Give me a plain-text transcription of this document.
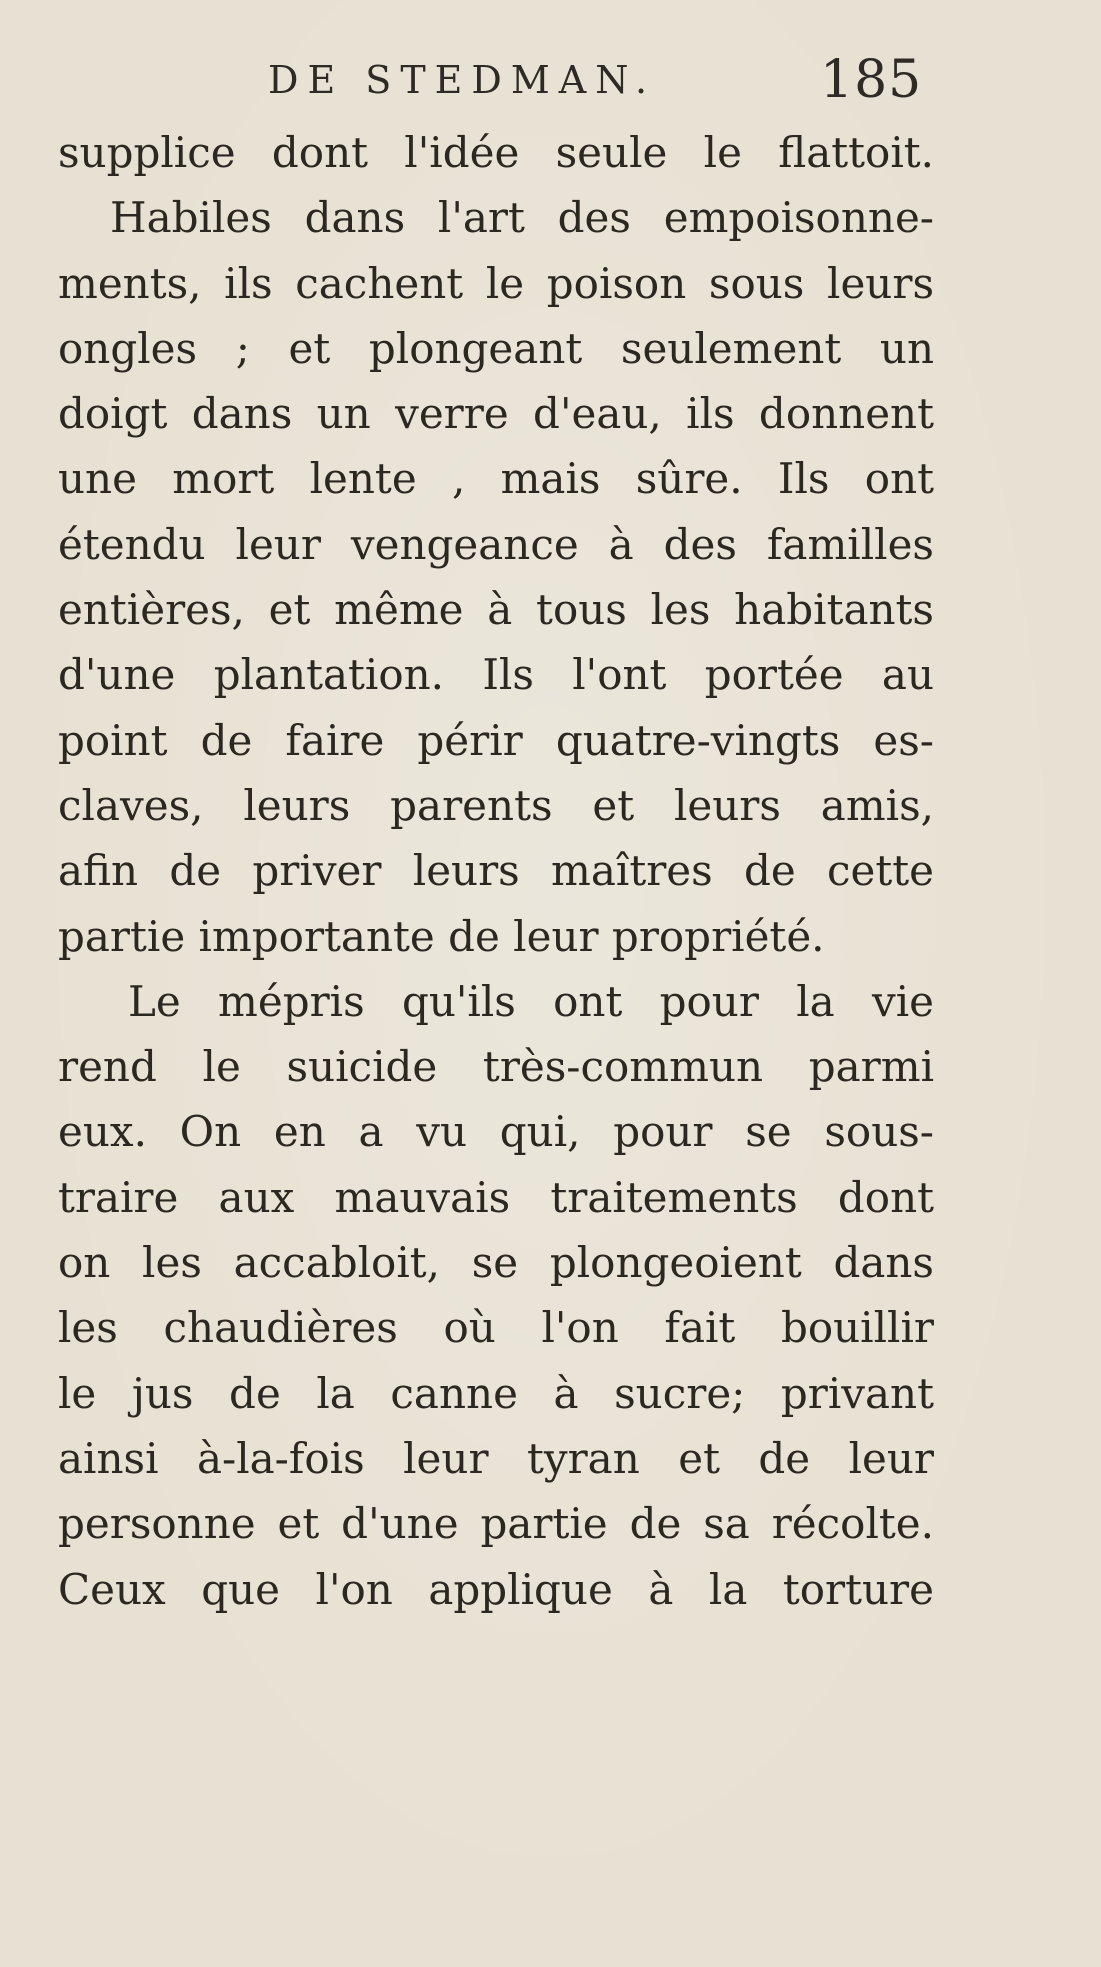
DE STEDMAN.	185
supplice dont l'idée seule le flattoit.
Habiles dans l'art des empoisonne-
ments, ils cachent le poison sous leurs
ongles ; et plongeant seulement un
doigt dans un verre d'eau, ils donnent
une mort lente , mais sûre. Ils ont
étendu leur vengeance à des familles
entières, et même à tous les habitants
d'une plantation. Ils l'ont portée au
point de faire périr quatre-vingts es-
claves, leurs parents et leurs amis,
afin de priver leurs maîtres de cette
partie importante de leur propriété.
Le mépris qu'ils ont pour la vie
rend le suicide très-commun parmi
eux. On en a vu qui, pour se sous-
traire aux mauvais traitements dont
on les accabloit, se plongeoient dans
les chaudières où l'on fait bouillir
le jus de la canne à sucre; privant
ainsi à-la-fois leur tyran et de leur
personne et d'une partie de sa récolte.
Ceux que l'on applique à la torture
